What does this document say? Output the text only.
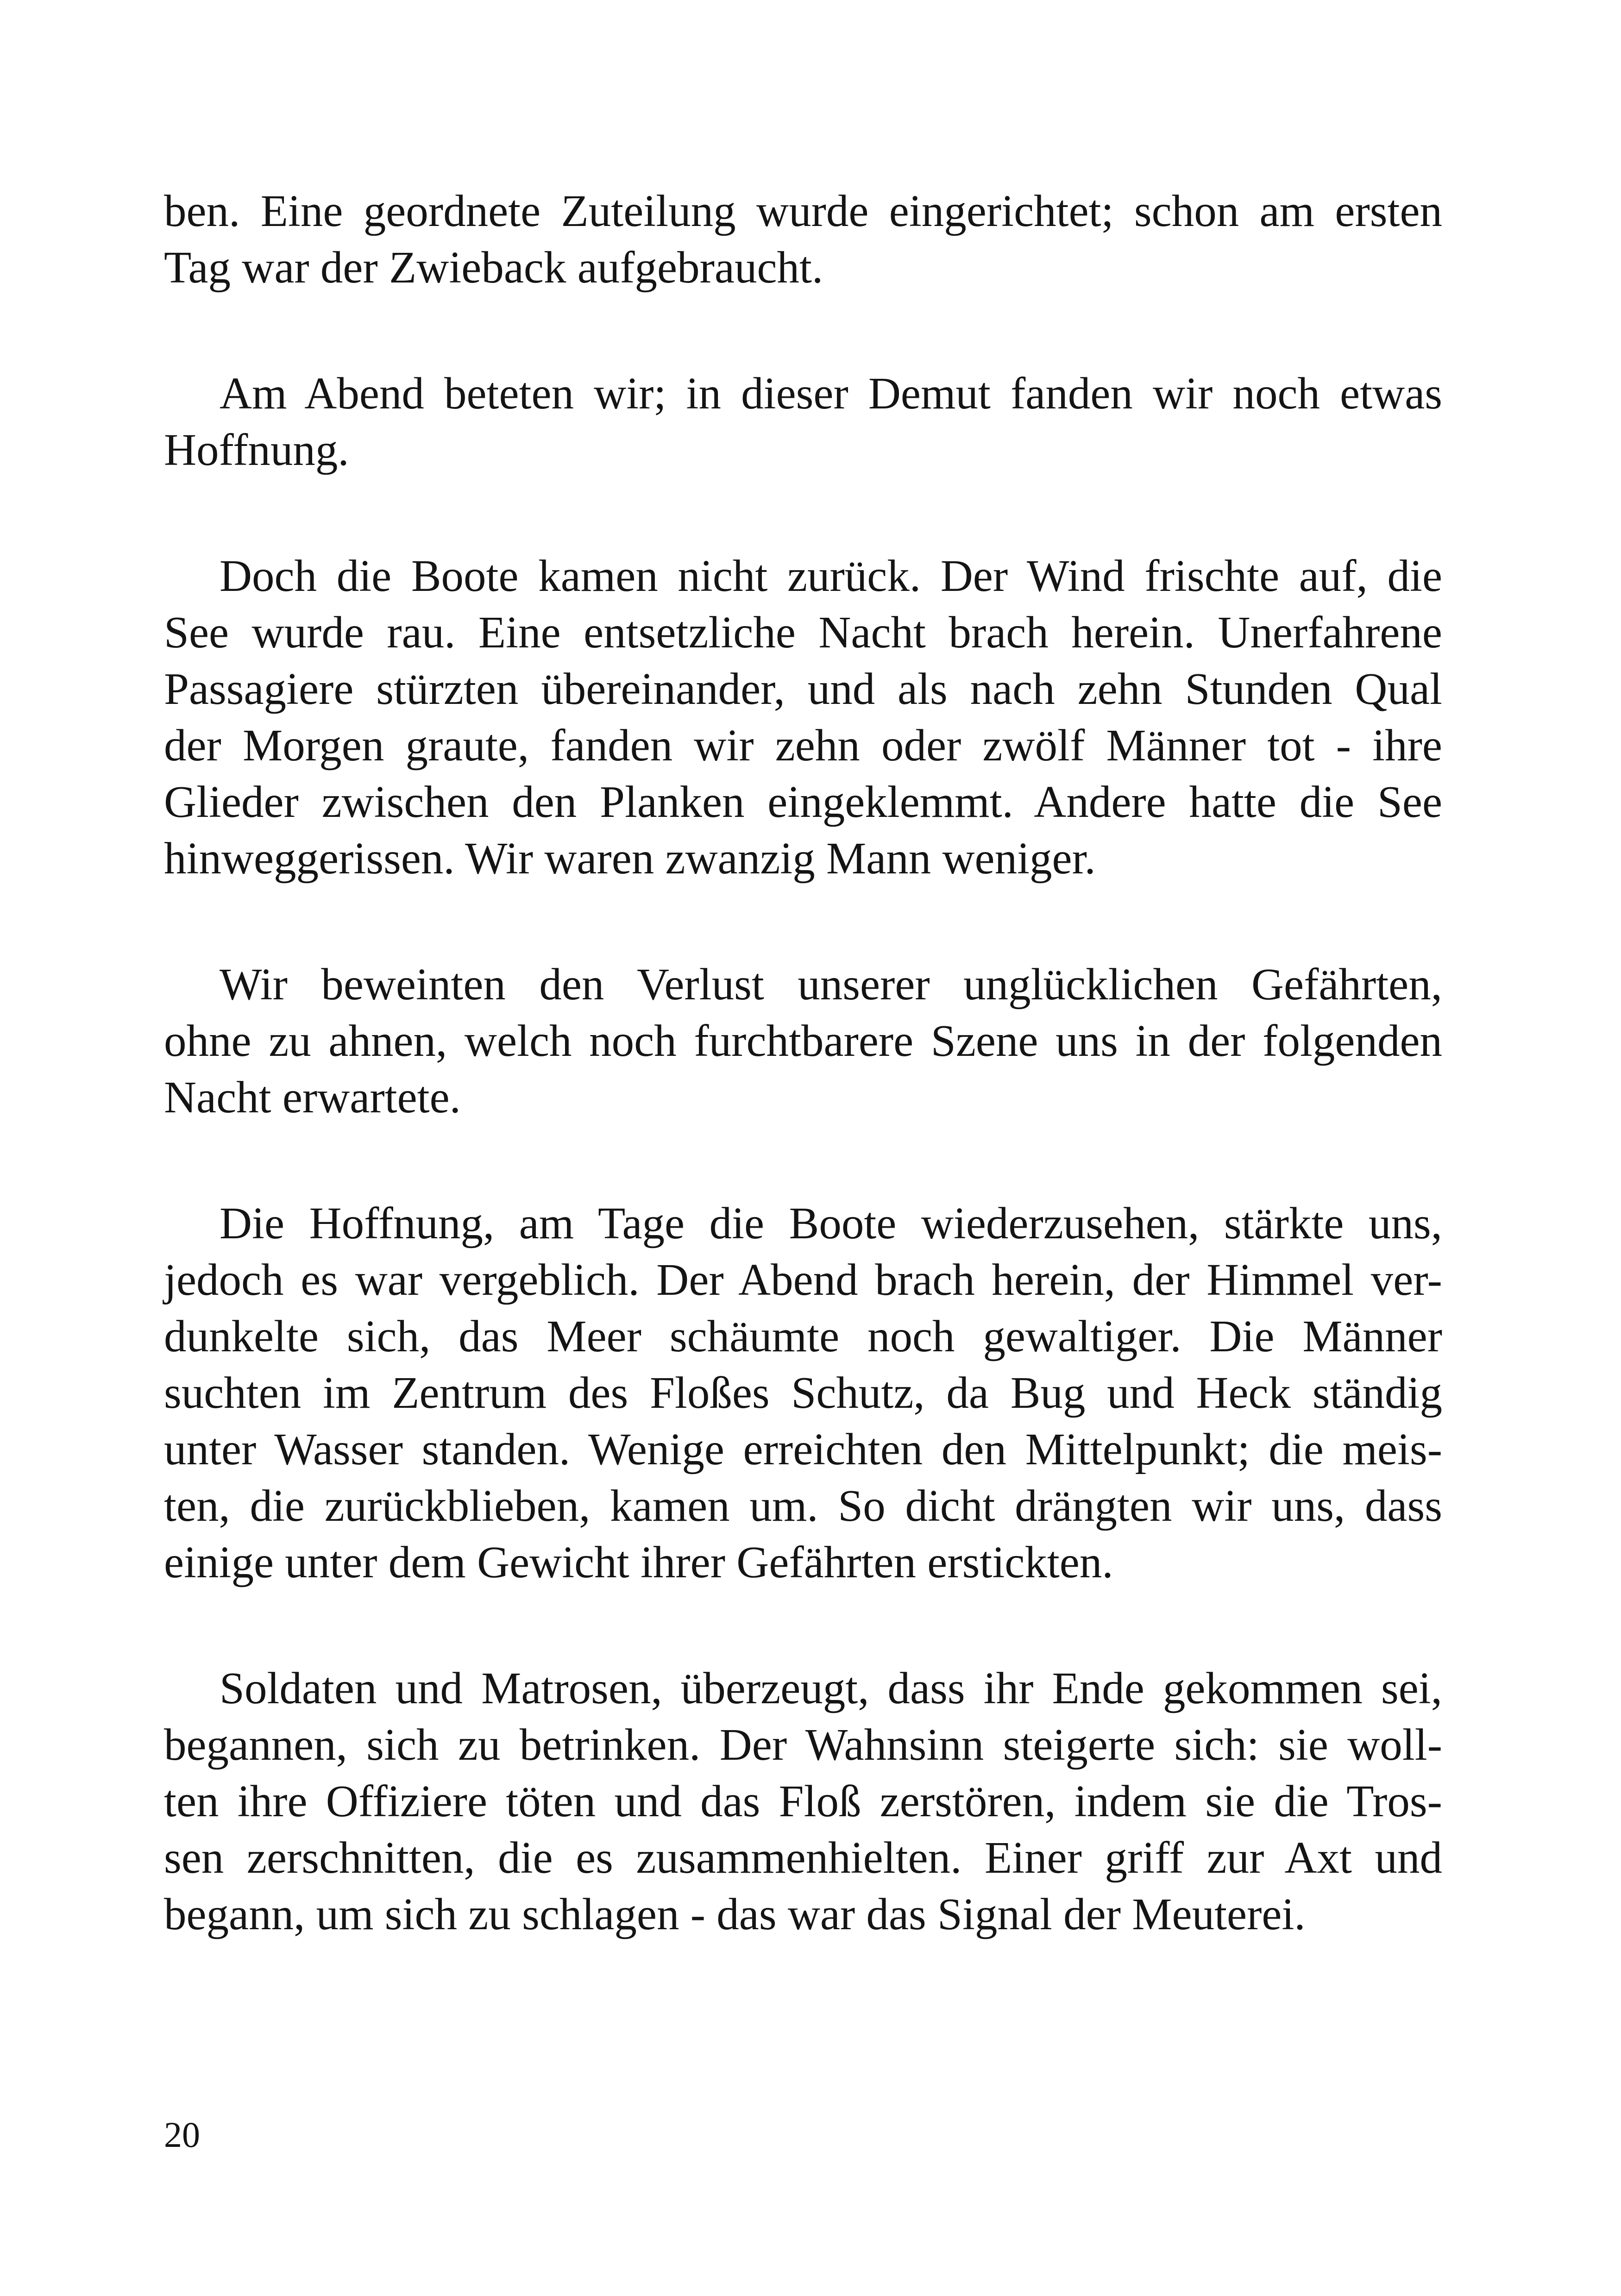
ben. Eine geordnete Zuteilung wurde eingerichtet; schon am ersten
Tag war der Zwieback aufgebraucht.
Am Abend beteten wir; in dieser Demut fanden wir noch etwas
Hoffnung.
Doch die Boote kamen nicht zurück. Der Wind frischte auf, die
See wurde rau. Eine entsetzliche Nacht brach herein. Unerfahrene
Passagiere stürzten übereinander, und als nach zehn Stunden Qual
der Morgen graute, fanden wir zehn oder zwölf Männer tot - ihre
Glieder zwischen den Planken eingeklemmt. Andere hatte die See
hinweggerissen. Wir waren zwanzig Mann weniger.
Wir beweinten den Verlust unserer unglücklichen Gefährten,
ohne zu ahnen, welch noch furchtbarere Szene uns in der folgenden
Nacht erwartete.
Die Hoffnung, am Tage die Boote wiederzusehen, stärkte uns,
jedoch es war vergeblich. Der Abend brach herein, der Himmel ver-
dunkelte sich, das Meer schäumte noch gewaltiger. Die Männer
suchten im Zentrum des Floßes Schutz, da Bug und Heck ständig
unter Wasser standen. Wenige erreichten den Mittelpunkt; die meis-
ten, die zurückblieben, kamen um. So dicht drängten wir uns, dass
einige unter dem Gewicht ihrer Gefährten erstickten.
Soldaten und Matrosen, überzeugt, dass ihr Ende gekommen sei,
begannen, sich zu betrinken. Der Wahnsinn steigerte sich: sie woll-
ten ihre Offiziere töten und das Floß zerstören, indem sie die Tros-
sen zerschnitten, die es zusammenhielten. Einer griff zur Axt und
begann, um sich zu schlagen - das war das Signal der Meuterei.
20
